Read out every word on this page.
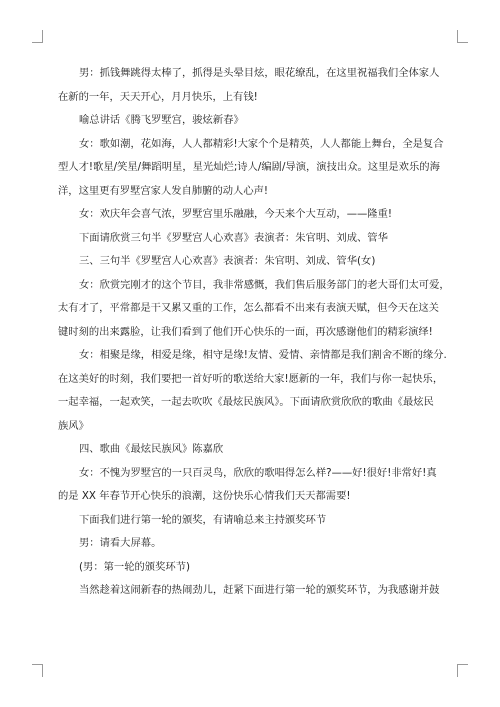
男：抓钱舞跳得太棒了，抓得是头晕目炫，眼花缭乱，在这里祝福我们全体家人

在新的一年，天天开心，月月快乐，上有钱!

喻总讲话《腾飞罗墅宫，骏炫新春》

女：歌如潮，花如海，人人都精彩!大家个个是精英，人人都能上舞台，全是复合

型人才!歌星/笑星/舞蹈明星，星光灿烂;诗人/编剧/导演，演技出众。这里是欢乐的海

洋，这里更有罗墅宫家人发自肺腑的动人心声!

女：欢庆年会喜气浓，罗墅宫里乐融融，今天来个大互动，——隆重!

下面请欣赏三句半《罗墅宫人心欢喜》表演者：朱官明、刘成、管华

三、三句半《罗墅宫人心欢喜》表演者：朱官明、刘成、管华(女)

女：欣赏完刚才的这个节目，我非常感慨，我们售后服务部门的老大哥们太可爱，

太有才了，平常都是干又累又重的工作，怎么都看不出来有表演天赋，但今天在这关

键时刻的出来露脸，让我们看到了他们开心快乐的一面，再次感谢他们的精彩演绎!

女：相聚是缘，相爱是缘，相守是缘!友情、爱情、亲情都是我们割舍不断的缘分.

在这美好的时刻，我们要把一首好听的歌送给大家!愿新的一年，我们与你一起快乐，

一起幸福，一起欢笑，一起去吹吹《最炫民族风》。下面请欣赏欣欣的歌曲《最炫民

族风》

四、歌曲《最炫民族风》陈嘉欣

女：不愧为罗墅宫的一只百灵鸟，欣欣的歌唱得怎么样?——好!很好!非常好!真

的是 XX 年春节开心快乐的浪潮，这份快乐心情我们天天都需要!

下面我们进行第一轮的颁奖，有请喻总来主持颁奖环节

男：请看大屏幕。

(男：第一轮的颁奖环节)

当然趁着这闹新春的热闹劲儿，赶紧下面进行第一轮的颁奖环节，为我感谢并鼓
